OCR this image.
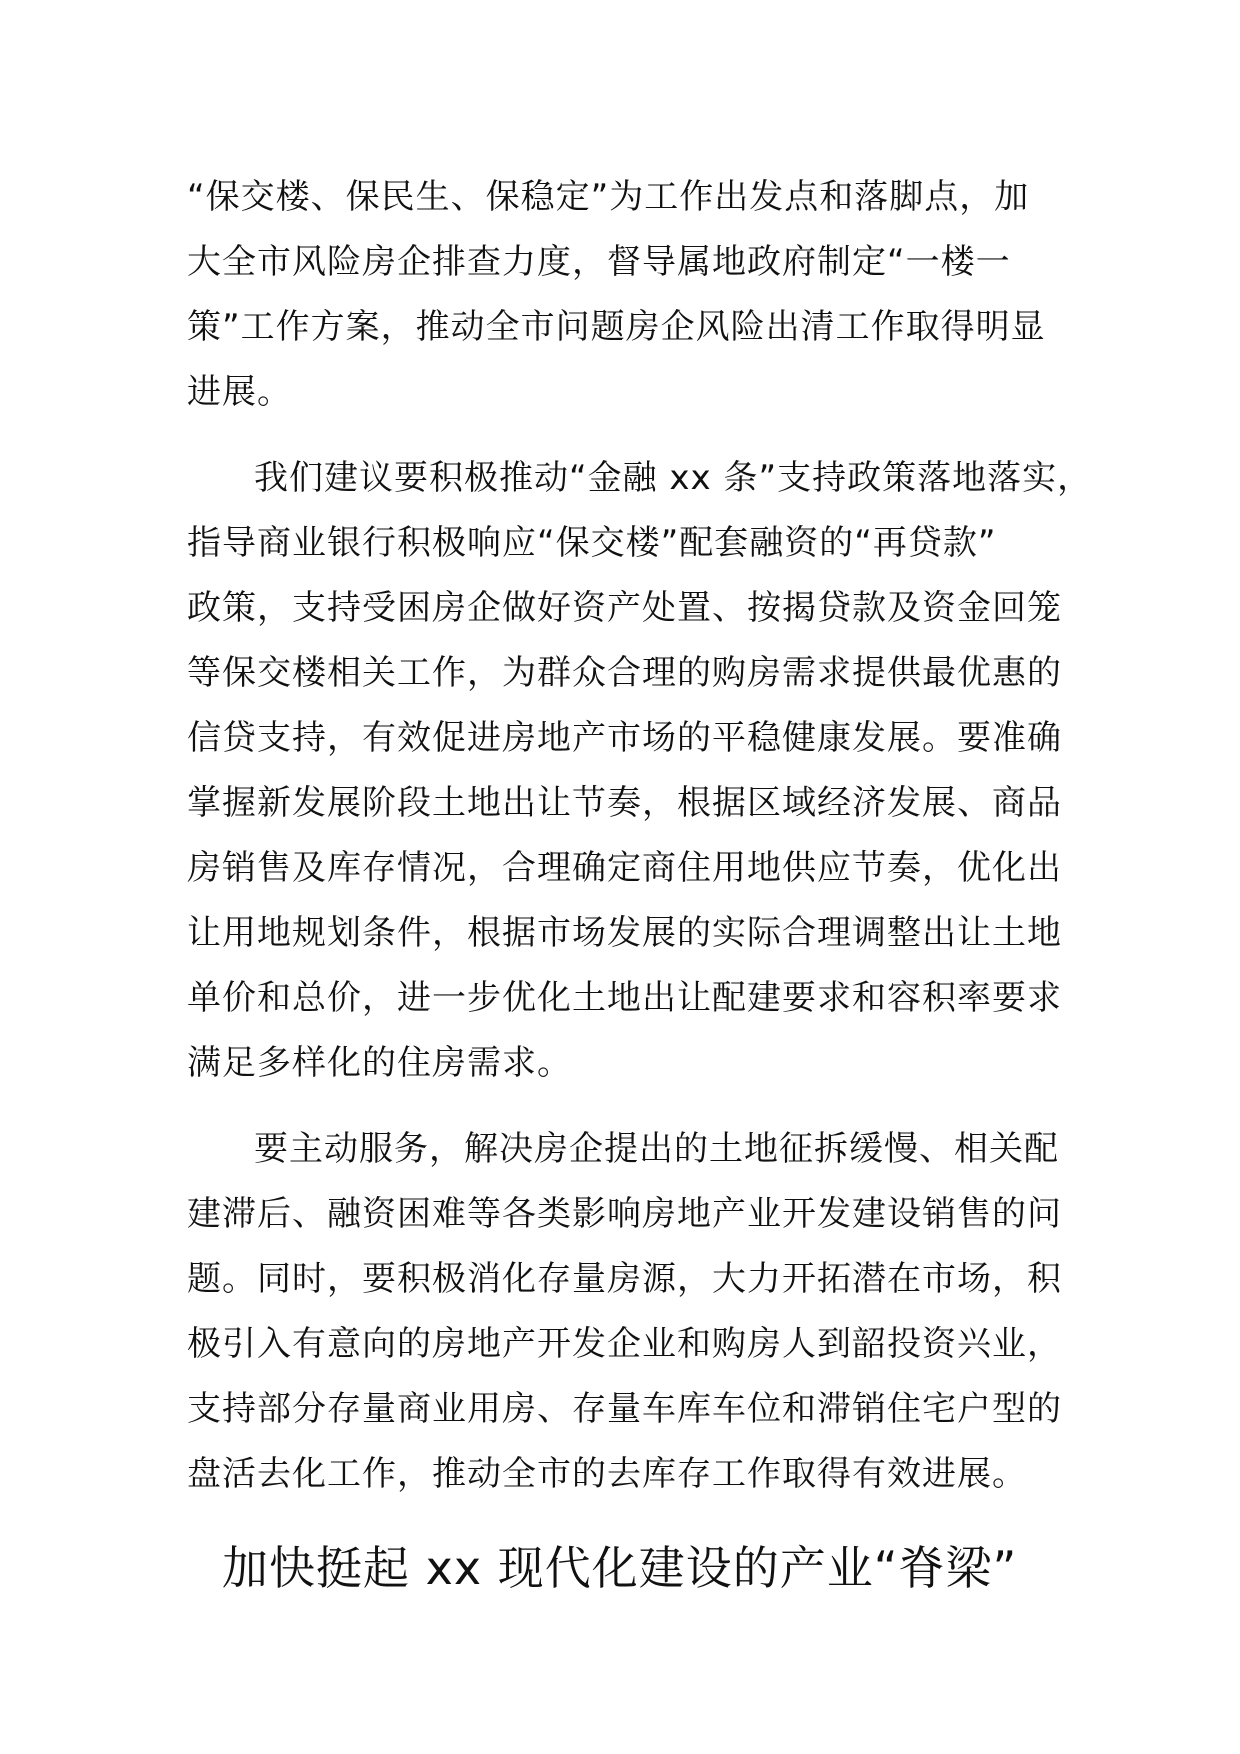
“保交楼、保民生、保稳定”为工作出发点和落脚点，加
大全市风险房企排查力度，督导属地政府制定“一楼一
策”工作方案，推动全市问题房企风险出清工作取得明显
进展。
我们建议要积极推动“金融 xx 条”支持政策落地落实，
指导商业银行积极响应“保交楼”配套融资的“再贷款”
政策，支持受困房企做好资产处置、按揭贷款及资金回笼
等保交楼相关工作，为群众合理的购房需求提供最优惠的
信贷支持，有效促进房地产市场的平稳健康发展。要准确
掌握新发展阶段土地出让节奏，根据区域经济发展、商品
房销售及库存情况，合理确定商住用地供应节奏，优化出
让用地规划条件，根据市场发展的实际合理调整出让土地
单价和总价，进一步优化土地出让配建要求和容积率要求
满足多样化的住房需求。
要主动服务，解决房企提出的土地征拆缓慢、相关配
建滞后、融资困难等各类影响房地产业开发建设销售的问
题。同时，要积极消化存量房源，大力开拓潜在市场，积
极引入有意向的房地产开发企业和购房人到韶投资兴业，
支持部分存量商业用房、存量车库车位和滞销住宅户型的
盘活去化工作，推动全市的去库存工作取得有效进展。
加快挺起 xx 现代化建设的产业“脊梁”
